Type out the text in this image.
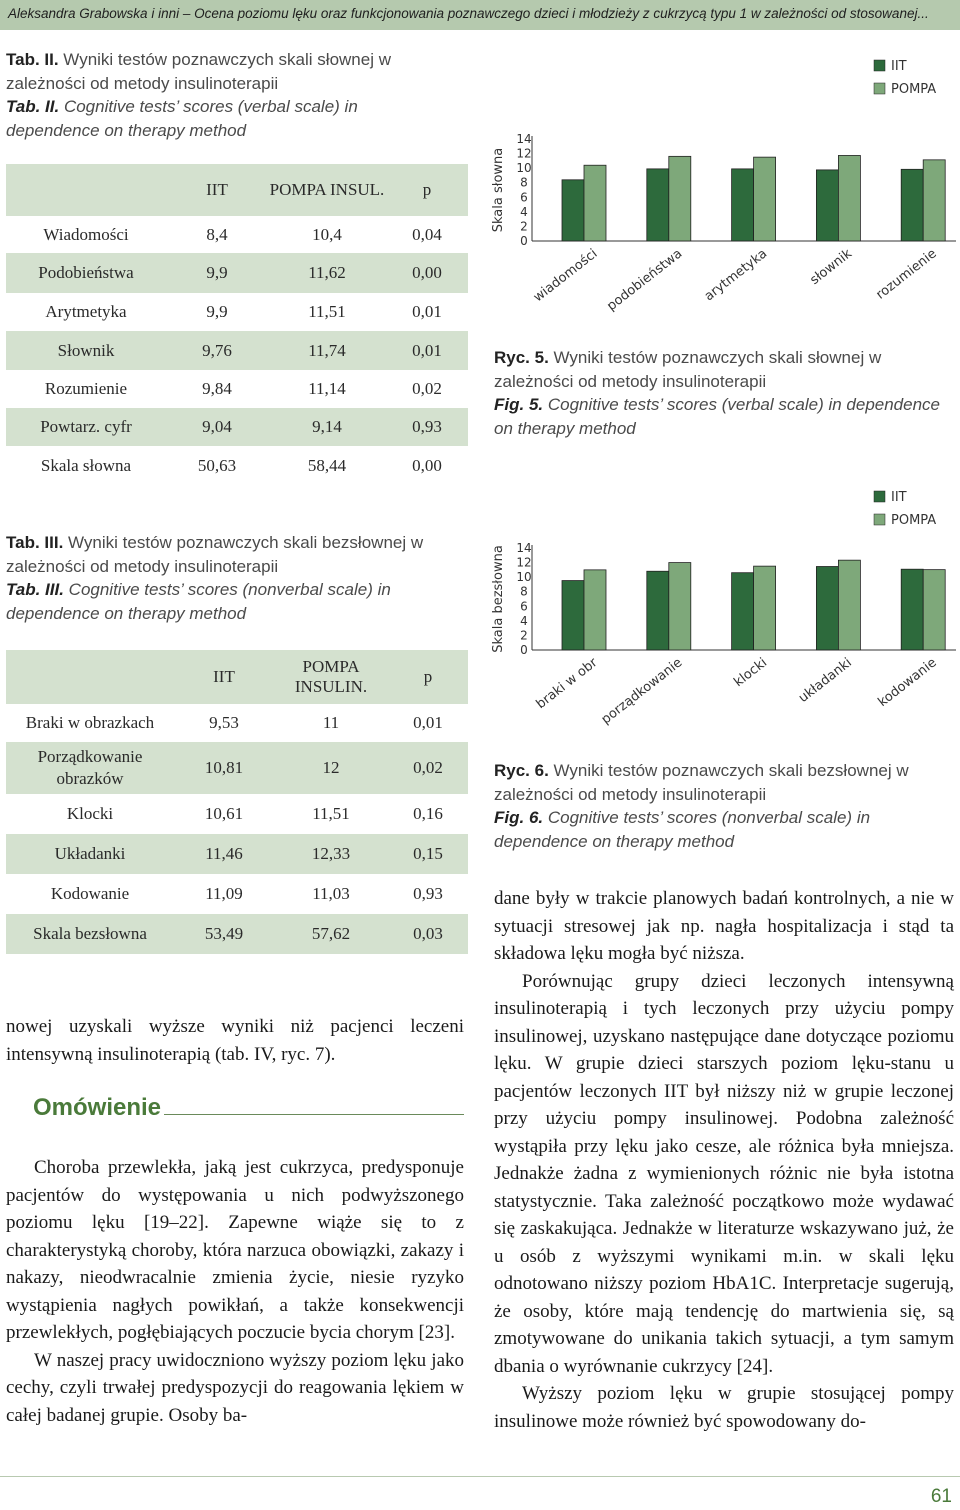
Aleksandra Grabowska i inni – Ocena poziomu lęku oraz funkcjonowania poznawczego dzieci i młodzieży z cukrzycą typu 1 w zależności od stosowanej...
Tab. II. Wyniki testów poznawczych skali słownej w zależności od metody insulinoterapii
Tab. II. Cognitive tests’ scores (verbal scale) in dependence on therapy method
	IIT	POMPA INSUL.	p
Wiadomości	8,4	10,4	0,04
Podobieństwa	9,9	11,62	0,00
Arytmetyka	9,9	11,51	0,01
Słownik	9,76	11,74	0,01
Rozumienie	9,84	11,14	0,02
Powtarz. cyfr	9,04	9,14	0,93
Skala słowna	50,63	58,44	0,00
Skala słowna
14
12
10
8
6
4
2
0
wiadomości podobieństwa arytmetyka	słownik rozumienie
IIT
POMPA
Ryc. 5. Wyniki testów poznawczych skali słownej w zależności od metody insulinoterapii
Fig. 5. Cognitive tests’ scores (verbal scale) in dependence on therapy method
Tab. III. Wyniki testów poznawczych skali bezsłownej w zależności od metody insulinoterapii
Tab. III. Cognitive tests’ scores (nonverbal scale) in dependence on therapy method
	IIT	POMPA INSULIN.	p
Braki w obrazkach	9,53	11	0,01
Porządkowanie obrazków	10,81	12	0,02
Klocki	10,61	11,51	0,16
Układanki	11,46	12,33	0,15
Kodowanie	11,09	11,03	0,93
Skala bezsłowna	53,49	57,62	0,03
Skala bezsłowna 14
12
10
8
6
4
2
0
braki w obr
porządkowanie	klocki układanki kodowanie
IIT
POMPA
Ryc. 6. Wyniki testów poznawczych skali bezsłownej w zależności od metody insulinoterapii
Fig. 6. Cognitive tests’ scores (nonverbal scale) in dependence on therapy method

nowej uzyskali wyższe wyniki niż pacjenci leczeni intensywną insulinoterapią (tab. IV, ryc. 7).

Omówienie

Choroba przewlekła, jaką jest cukrzyca, predysponuje pacjentów do występowania u nich podwyższonego poziomu lęku [19–22]. Zapewne wiąże się to z charakterystyką choroby, która narzuca obowiązki, zakazy i nakazy, nieodwracalnie zmienia życie, niesie ryzyko wystąpienia nagłych powikłań, a także konsekwencji przewlekłych, pogłębiających poczucie bycia chorym [23].

W naszej pracy uwidoczniono wyższy poziom lęku jako cechy, czyli trwałej predyspozycji do reagowania lękiem w całej badanej grupie. Osoby ba-

dane były w trakcie planowych badań kontrolnych, a nie w sytuacji stresowej jak np. nagła hospitalizacja i stąd ta składowa lęku mogła być niższa.

Porównując grupy dzieci leczonych intensywną insulinoterapią i tych leczonych przy użyciu pompy insulinowej, uzyskano następujące dane dotyczące poziomu lęku. W grupie dzieci starszych poziom lęku-stanu u pacjentów leczonych IIT był niższy niż w grupie leczonej przy użyciu pompy insulinowej. Podobna zależność wystąpiła przy lęku jako cesze, ale różnica była mniejsza. Jednakże żadna z wymienionych różnic nie była istotna statystycznie. Taka zależność początkowo może wydawać się zaskakująca. Jednakże w literaturze wskazywano już, że u osób z wyższymi wynikami m.in. w skali lęku odnotowano niższy poziom HbA1C. Interpretacje sugerują, że osoby, które mają tendencję do martwienia się, są zmotywowane do unikania takich sytuacji, a tym samym dbania o wyrównanie cukrzycy [24].

Wyższy poziom lęku w grupie stosującej pompy insulinowe może również być spowodowany do-

61
